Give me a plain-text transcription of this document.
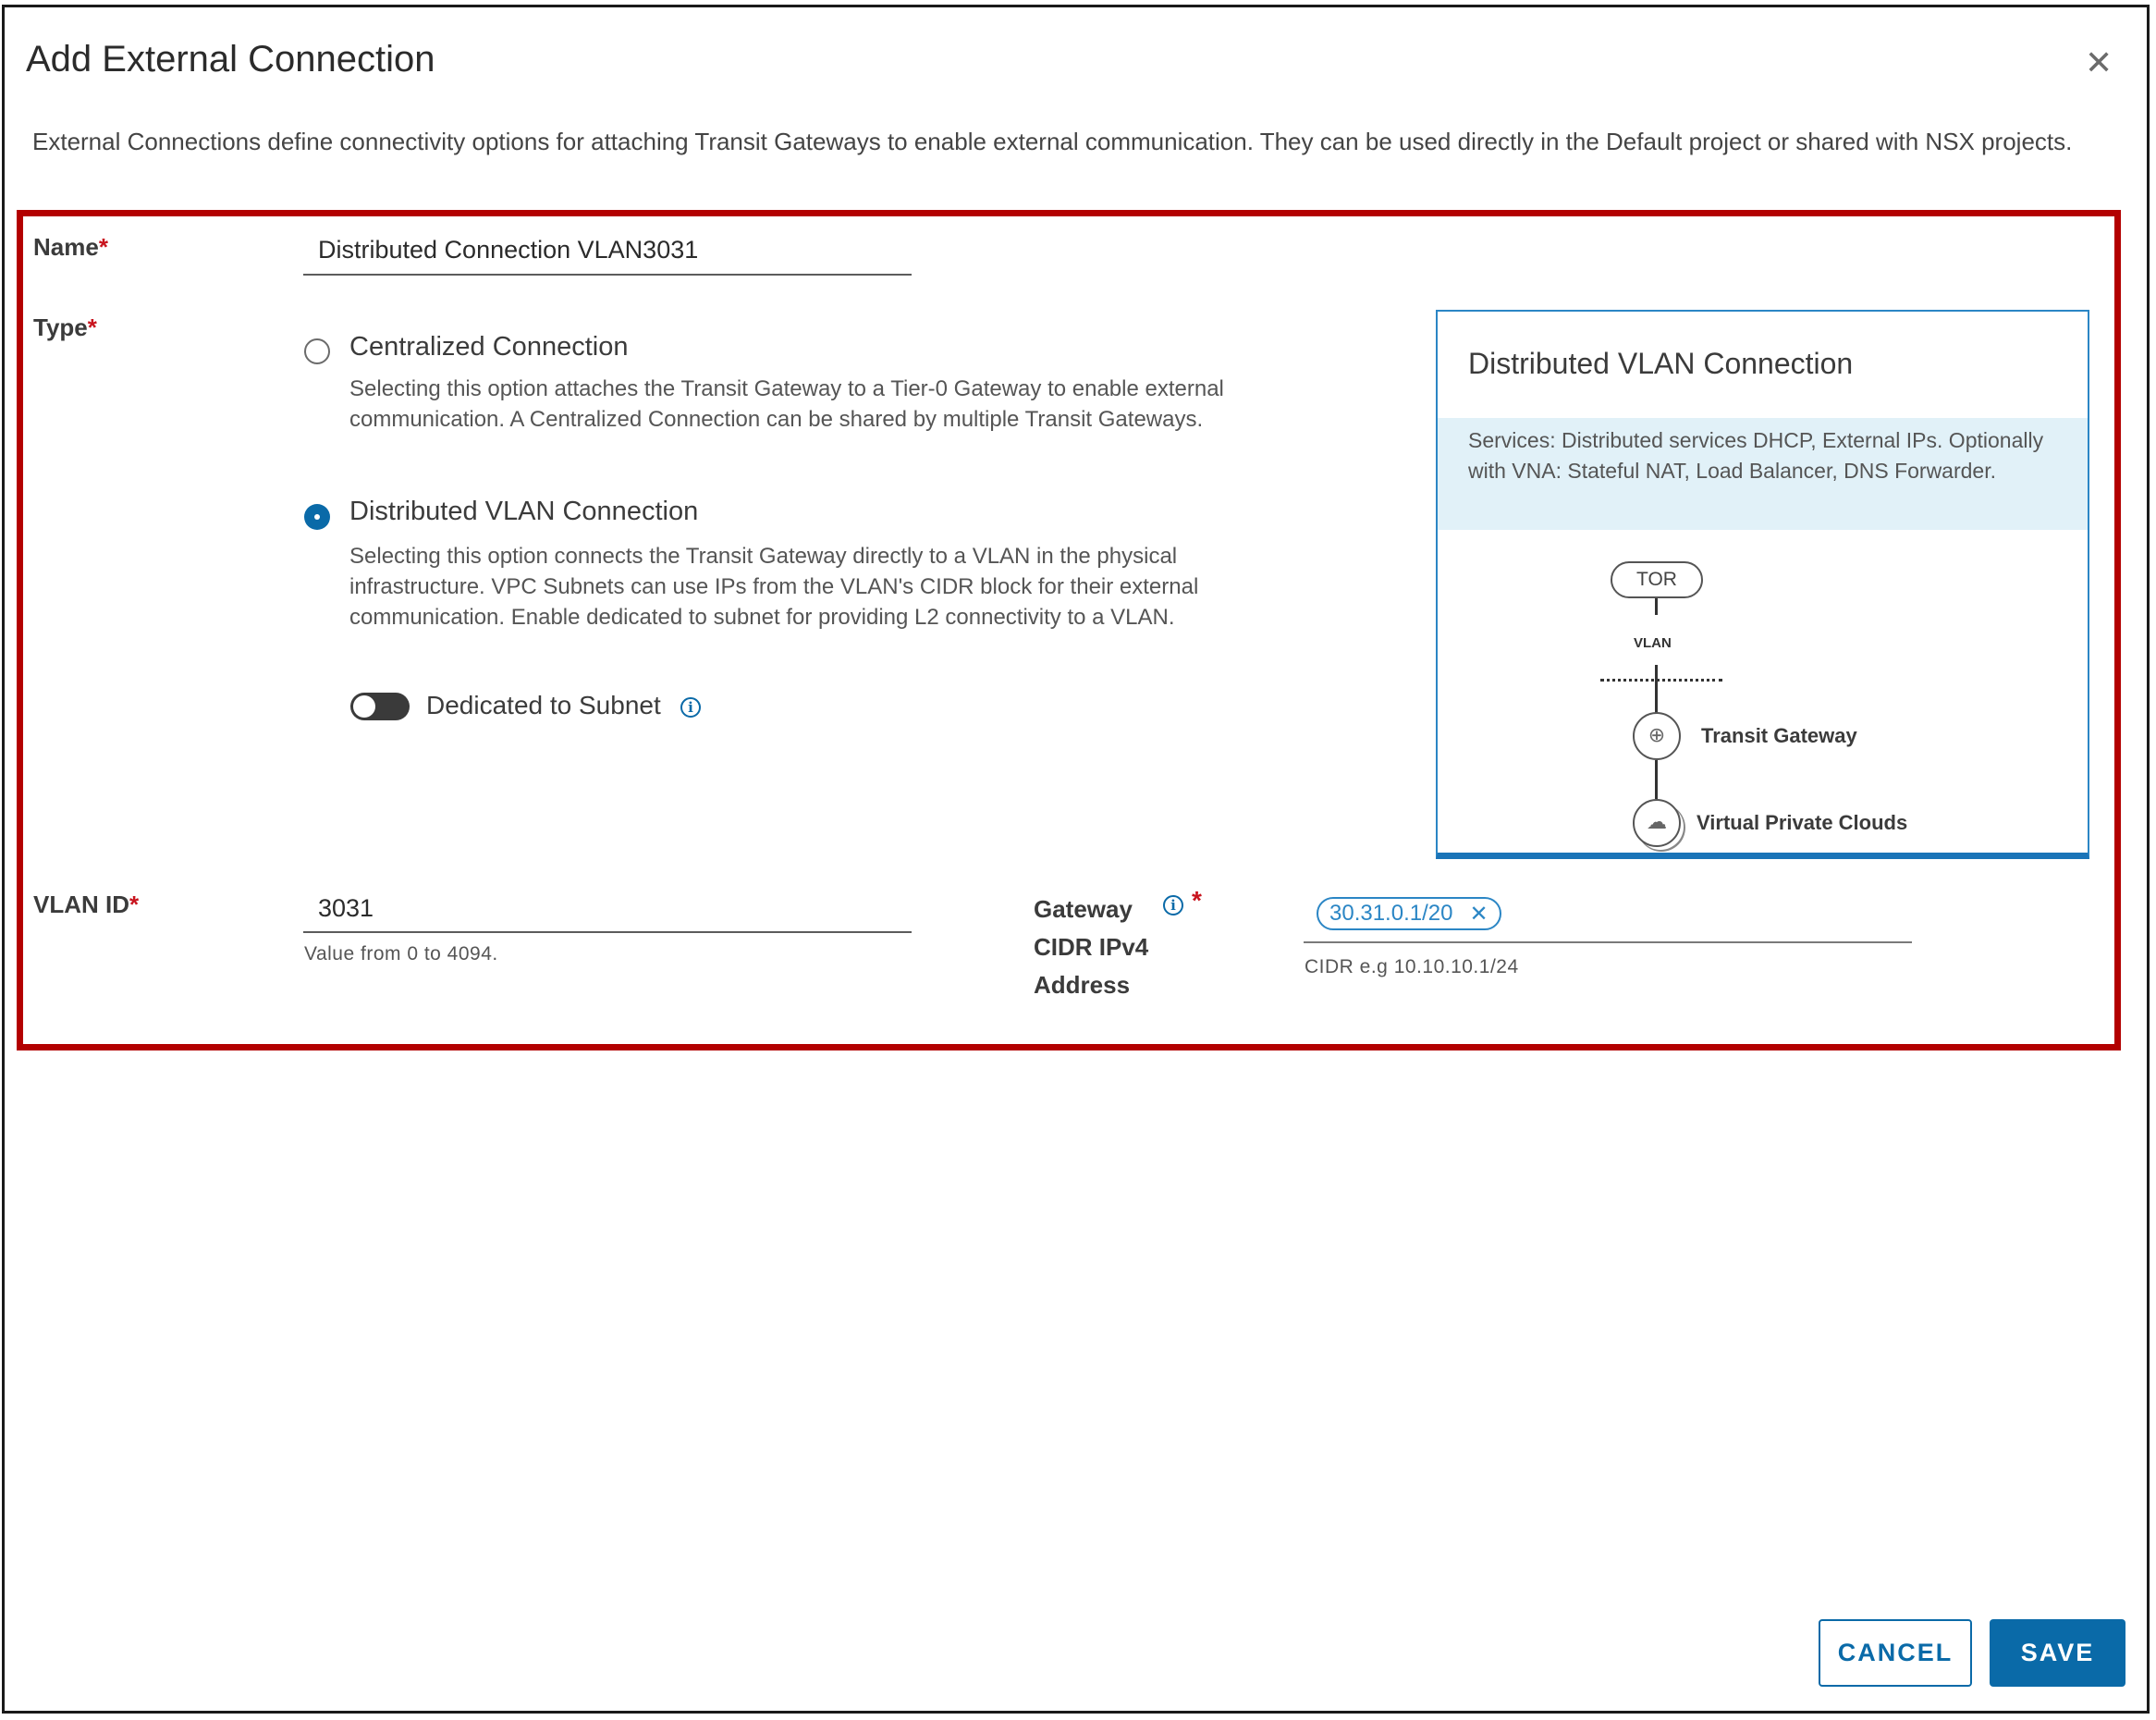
Add External Connection	✕
External Connections define connectivity options for attaching Transit Gateways to enable external communication. They can be used directly in the Default project or shared with NSX projects.
Name*
Distributed Connection VLAN3031
Type*
Centralized Connection
Selecting this option attaches the Transit Gateway to a Tier-0 Gateway to enable external communication. A Centralized Connection can be shared by multiple Transit Gateways.
Distributed VLAN Connection
Selecting this option connects the Transit Gateway directly to a VLAN in the physical infrastructure. VPC Subnets can use IPs from the VLAN's CIDR block for their external communication. Enable dedicated to subnet for providing L2 connectivity to a VLAN.
Dedicated to Subnet	i
Distributed VLAN Connection
Services: Distributed services DHCP, External IPs. Optionally with VNA: Stateful NAT, Load Balancer, DNS Forwarder.
TOR
VLAN
⊕	Transit Gateway
☁	Virtual Private Clouds
VLAN ID*
3031
Value from 0 to 4094.
Gateway
CIDR IPv4
Address
i *	30.31.0.1/20 ✕
CIDR e.g 10.10.10.1/24
CANCEL	SAVE
